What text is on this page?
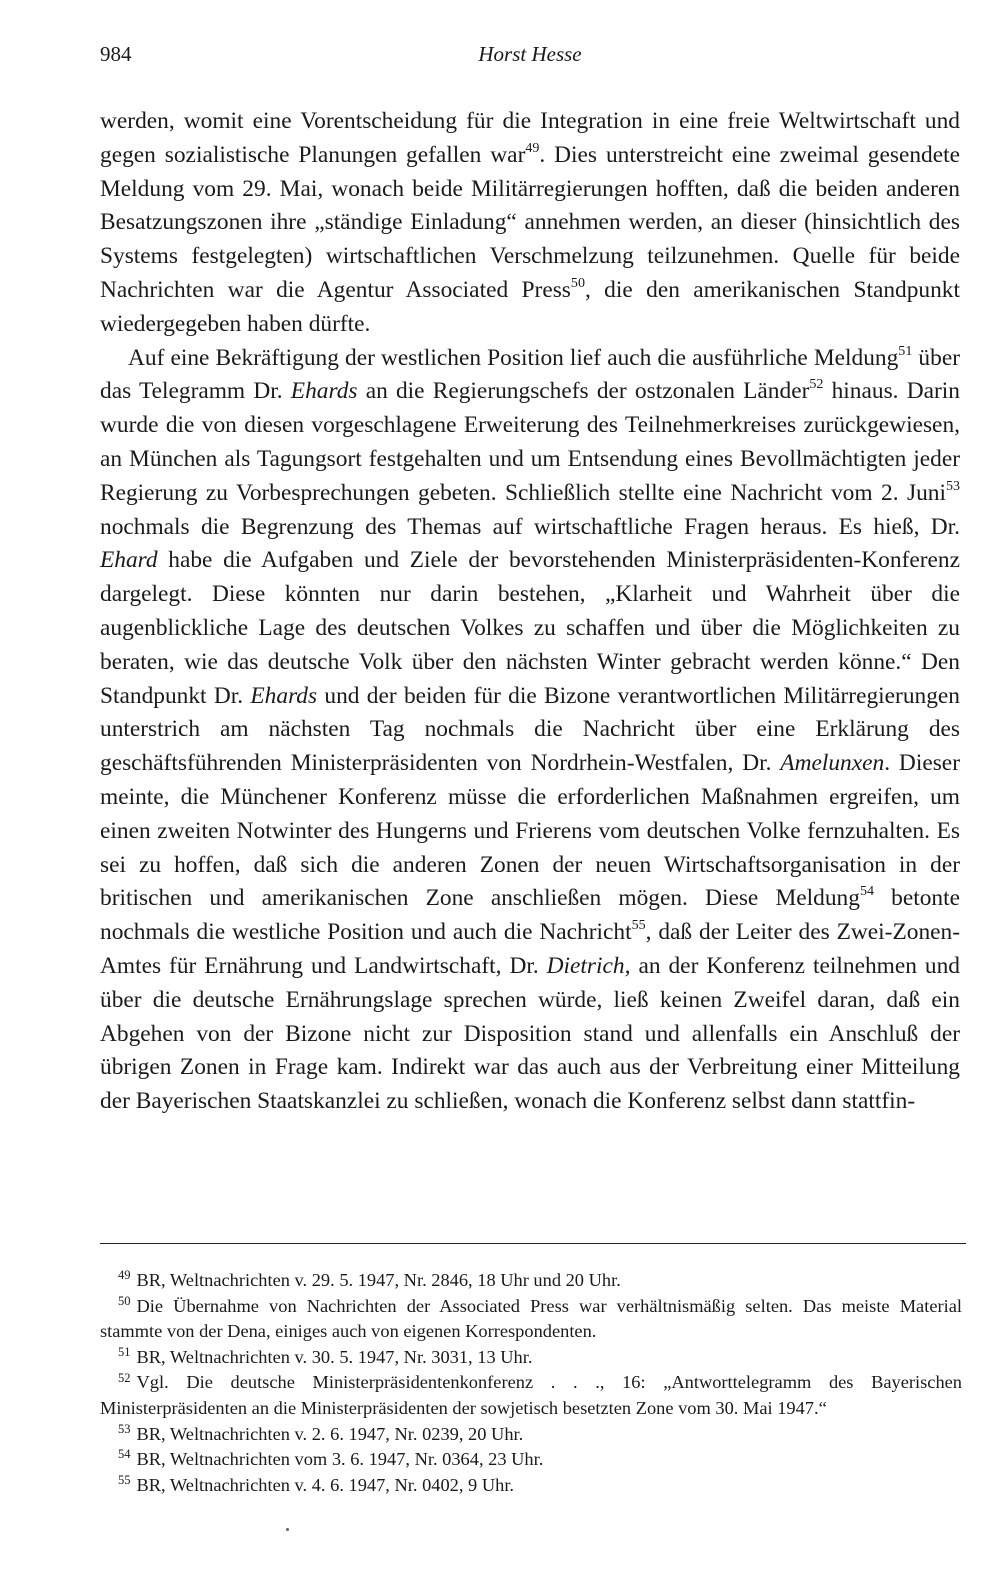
984	Horst Hesse

werden, womit eine Vorentscheidung für die Integration in eine freie Weltwirtschaft und gegen sozialistische Planungen gefallen war$^{49}$. Dies unterstreicht eine zweimal gesendete Meldung vom 29. Mai, wonach beide Militärregierungen hofften, daß die beiden anderen Besatzungszonen ihre „ständige Einladung“ annehmen werden, an dieser (hinsichtlich des Systems festgelegten) wirtschaftlichen Verschmelzung teilzunehmen. Quelle für beide Nachrichten war die Agentur Associated Press$^{50}$, die den amerikanischen Standpunkt wiedergegeben haben dürfte.

Auf eine Bekräftigung der westlichen Position lief auch die ausführliche Meldung$^{51}$ über das Telegramm Dr. Ehards an die Regierungschefs der ostzonalen Länder$^{52}$ hinaus. Darin wurde die von diesen vorgeschlagene Erweiterung des Teilnehmerkreises zurückgewiesen, an München als Tagungsort festgehalten und um Entsendung eines Bevollmächtigten jeder Regierung zu Vorbesprechungen gebeten. Schließlich stellte eine Nachricht vom 2. Juni$^{53}$ nochmals die Begrenzung des Themas auf wirtschaftliche Fragen heraus. Es hieß, Dr. Ehard habe die Aufgaben und Ziele der bevorstehenden Ministerpräsidenten-Konferenz dargelegt. Diese könnten nur darin bestehen, „Klarheit und Wahrheit über die augenblickliche Lage des deutschen Volkes zu schaffen und über die Möglichkeiten zu beraten, wie das deutsche Volk über den nächsten Winter gebracht werden könne.“ Den Standpunkt Dr. Ehards und der beiden für die Bizone verantwortlichen Militärregierungen unterstrich am nächsten Tag nochmals die Nachricht über eine Erklärung des geschäftsführenden Ministerpräsidenten von Nordrhein-Westfalen, Dr. Amelunxen. Dieser meinte, die Münchener Konferenz müsse die erforderlichen Maßnahmen ergreifen, um einen zweiten Notwinter des Hungerns und Frierens vom deutschen Volke fernzuhalten. Es sei zu hoffen, daß sich die anderen Zonen der neuen Wirtschaftsorganisation in der britischen und amerikanischen Zone anschließen mögen. Diese Meldung$^{54}$ betonte nochmals die westliche Position und auch die Nachricht$^{55}$, daß der Leiter des Zwei-Zonen-Amtes für Ernährung und Landwirtschaft, Dr. Dietrich, an der Konferenz teilnehmen und über die deutsche Ernährungslage sprechen würde, ließ keinen Zweifel daran, daß ein Abgehen von der Bizone nicht zur Disposition stand und allenfalls ein Anschluß der übrigen Zonen in Frage kam. Indirekt war das auch aus der Verbreitung einer Mitteilung der Bayerischen Staatskanzlei zu schließen, wonach die Konferenz selbst dann stattfin-

$^{49}$ BR, Weltnachrichten v. 29. 5. 1947, Nr. 2846, 18 Uhr und 20 Uhr.

$^{50}$ Die Übernahme von Nachrichten der Associated Press war verhältnismäßig selten. Das meiste Material stammte von der Dena, einiges auch von eigenen Korrespondenten.

$^{51}$ BR, Weltnachrichten v. 30. 5. 1947, Nr. 3031, 13 Uhr.

$^{52}$ Vgl. Die deutsche Ministerpräsidentenkonferenz . . ., 16: „Antworttelegramm des Bayerischen Ministerpräsidenten an die Ministerpräsidenten der sowjetisch besetzten Zone vom 30. Mai 1947.“

$^{53}$ BR, Weltnachrichten v. 2. 6. 1947, Nr. 0239, 20 Uhr.

$^{54}$ BR, Weltnachrichten vom 3. 6. 1947, Nr. 0364, 23 Uhr.

$^{55}$ BR, Weltnachrichten v. 4. 6. 1947, Nr. 0402, 9 Uhr.
